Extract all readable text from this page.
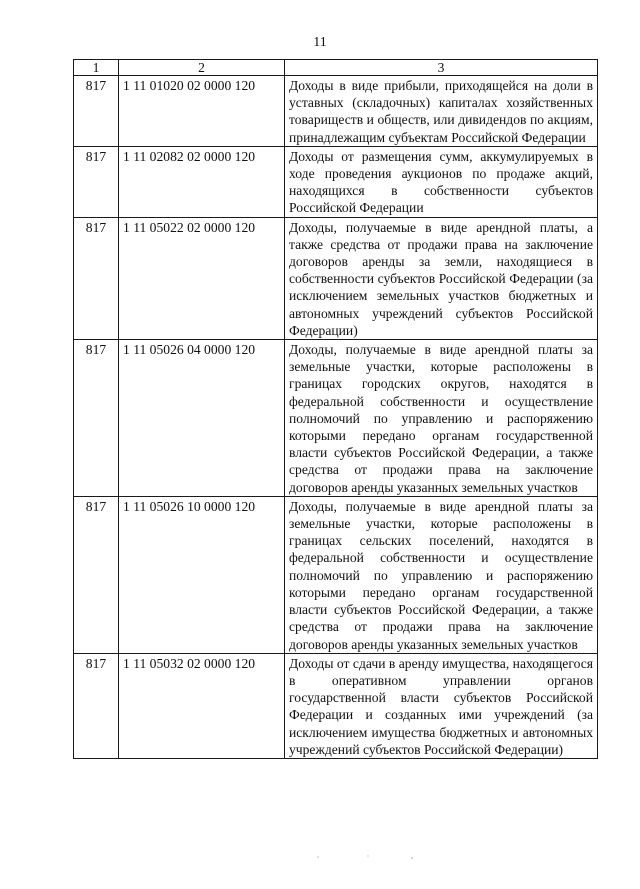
11
1	2	3
817	1 11 01020 02 0000 120	Доходы в виде прибыли, приходящейся на доли в уставных (складочных) капиталах хозяйственных товариществ и обществ, или дивидендов по акциям, принадлежащим субъектам Российской Федерации
817	1 11 02082 02 0000 120	Доходы от размещения сумм, аккумулируемых в ходе проведения аукционов по продаже акций, находящихся в собственности субъектов Российской Федерации
817	1 11 05022 02 0000 120	Доходы, получаемые в виде арендной платы, а также средства от продажи права на заключение договоров аренды за земли, находящиеся в собственности субъектов Российской Федерации (за исключением земельных участков бюджетных и автономных учреждений субъектов Российской Федерации)
817	1 11 05026 04 0000 120	Доходы, получаемые в виде арендной платы за земельные участки, которые расположены в границах городских округов, находятся в федеральной собственности и осуществление полномочий по управлению и распоряжению которыми передано органам государственной власти субъектов Российской Федерации, а также средства от продажи права на заключение договоров аренды указанных земельных участков
817	1 11 05026 10 0000 120	Доходы, получаемые в виде арендной платы за земельные участки, которые расположены в границах сельских поселений, находятся в федеральной собственности и осуществление полномочий по управлению и распоряжению которыми передано органам государственной власти субъектов Российской Федерации, а также средства от продажи права на заключение договоров аренды указанных земельных участков
817	1 11 05032 02 0000 120	Доходы от сдачи в аренду имущества, находящегося в оперативном управлении органов государственной власти субъектов Российской Федерации и созданных ими учреждений (за исключением имущества бюджетных и автономных учреждений субъектов Российской Федерации)
